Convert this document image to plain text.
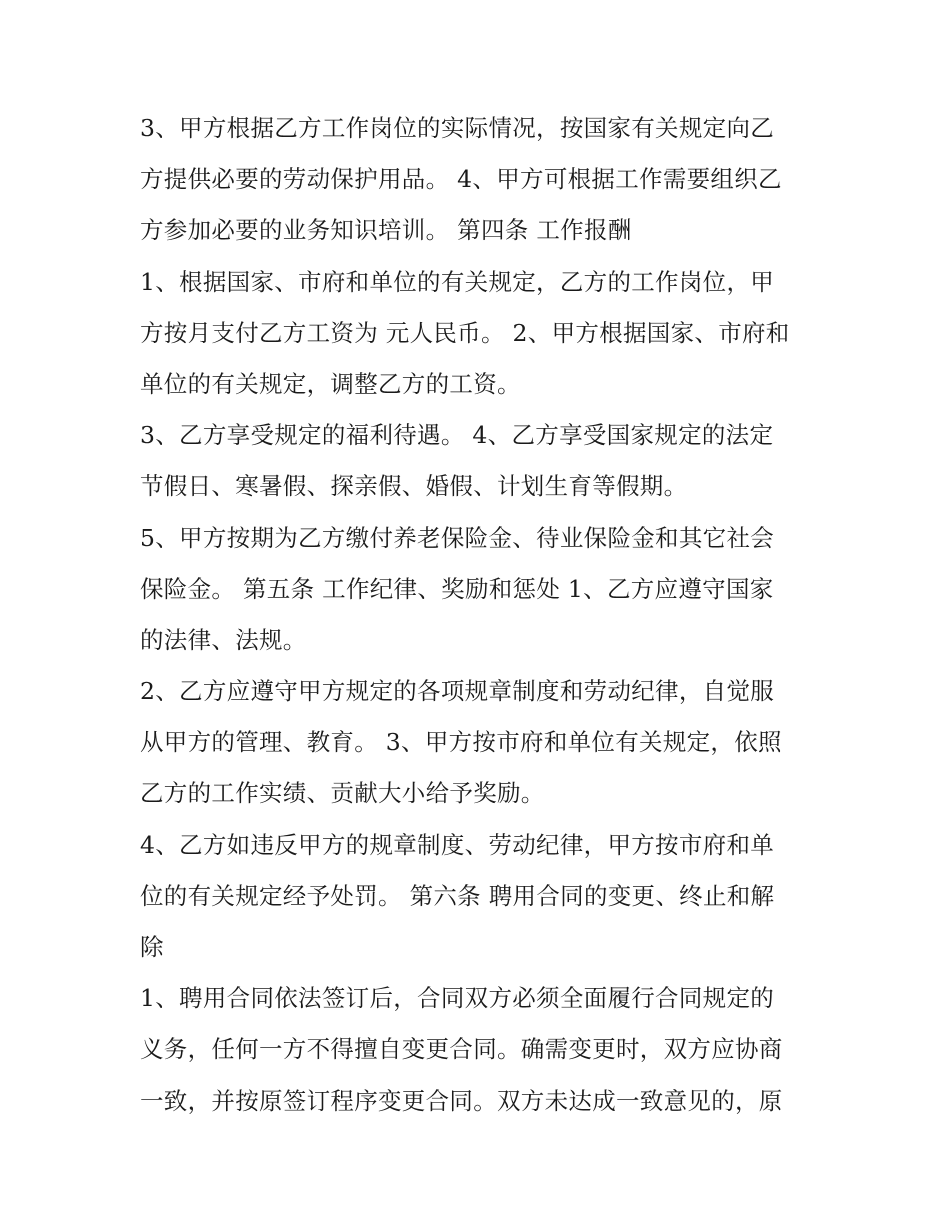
3、甲方根据乙方工作岗位的实际情况，按国家有关规定向乙
方提供必要的劳动保护用品。 4、甲方可根据工作需要组织乙
方参加必要的业务知识培训。 第四条 工作报酬
1、根据国家、市府和单位的有关规定，乙方的工作岗位，甲
方按月支付乙方工资为 元人民币。 2、甲方根据国家、市府和
单位的有关规定，调整乙方的工资。
3、乙方享受规定的福利待遇。 4、乙方享受国家规定的法定
节假日、寒暑假、探亲假、婚假、计划生育等假期。
5、甲方按期为乙方缴付养老保险金、待业保险金和其它社会
保险金。 第五条 工作纪律、奖励和惩处 1、乙方应遵守国家
的法律、法规。
2、乙方应遵守甲方规定的各项规章制度和劳动纪律，自觉服
从甲方的管理、教育。 3、甲方按市府和单位有关规定，依照
乙方的工作实绩、贡献大小给予奖励。
4、乙方如违反甲方的规章制度、劳动纪律，甲方按市府和单
位的有关规定经予处罚。 第六条 聘用合同的变更、终止和解
除
1、聘用合同依法签订后，合同双方必须全面履行合同规定的
义务，任何一方不得擅自变更合同。确需变更时，双方应协商
一致，并按原签订程序变更合同。双方未达成一致意见的，原
